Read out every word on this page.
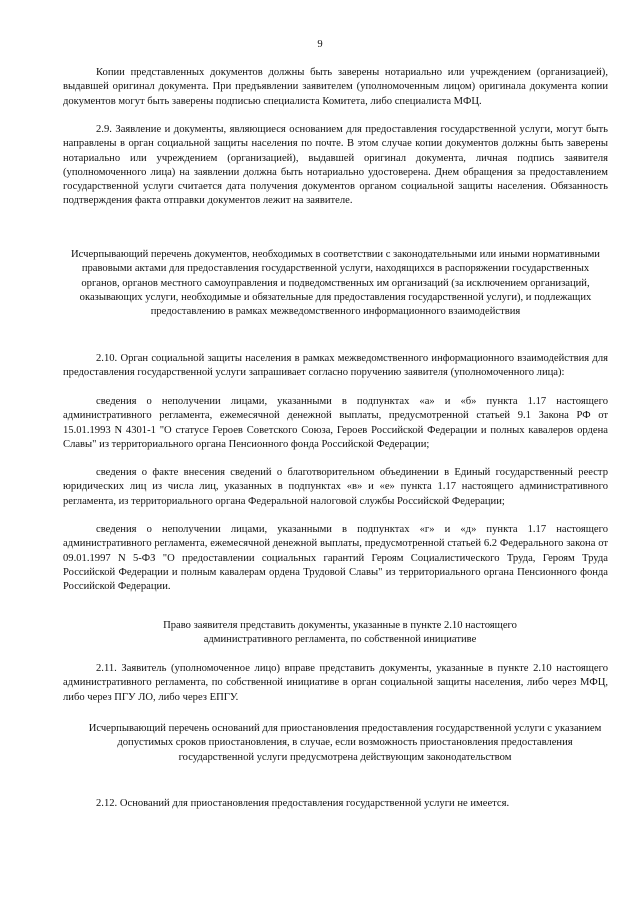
9

Копии представленных документов должны быть заверены нотариально или учреждением (организацией), выдавшей оригинал документа. При предъявлении заявителем (уполномоченным лицом) оригинала документа копии документов могут быть заверены подписью специалиста Комитета, либо специалиста МФЦ.

2.9. Заявление и документы, являющиеся основанием для предоставления государственной услуги, могут быть направлены в орган социальной защиты населения по почте. В этом случае копии документов должны быть заверены нотариально или учреждением (организацией), выдавшей оригинал документа, личная подпись заявителя (уполномоченного лица) на заявлении должна быть нотариально удостоверена. Днем обращения за предоставлением государственной услуги считается дата получения документов органом социальной защиты населения. Обязанность подтверждения факта отправки документов лежит на заявителе.

Исчерпывающий перечень документов, необходимых в соответствии с законодательными или иными нормативными правовыми актами для предоставления государственной услуги, находящихся в распоряжении государственных органов, органов местного самоуправления и подведомственных им организаций (за исключением организаций, оказывающих услуги, необходимые и обязательные для предоставления государственной услуги), и подлежащих предоставлению в рамках межведомственного информационного взаимодействия

2.10. Орган социальной защиты населения в рамках межведомственного информационного взаимодействия для предоставления государственной услуги запрашивает согласно поручению заявителя (уполномоченного лица):

сведения о неполучении лицами, указанными в подпунктах «а» и «б» пункта 1.17 настоящего административного регламента, ежемесячной денежной выплаты, предусмотренной статьей 9.1 Закона РФ от 15.01.1993 N 4301-1 "О статусе Героев Советского Союза, Героев Российской Федерации и полных кавалеров ордена Славы" из территориального органа Пенсионного фонда Российской Федерации;

сведения о факте внесения сведений о благотворительном объединении в Единый государственный реестр юридических лиц из числа лиц, указанных в подпунктах «в» и «е» пункта 1.17 настоящего административного регламента, из территориального органа Федеральной налоговой службы Российской Федерации;

сведения о неполучении лицами, указанными в подпунктах «г» и «д» пункта 1.17 настоящего административного регламента, ежемесячной денежной выплаты, предусмотренной статьей 6.2 Федерального закона от 09.01.1997 N 5-ФЗ "О предоставлении социальных гарантий Героям Социалистического Труда, Героям Труда Российской Федерации и полным кавалерам ордена Трудовой Славы" из территориального органа Пенсионного фонда Российской Федерации.

Право заявителя представить документы, указанные в пункте 2.10 настоящего административного регламента, по собственной инициативе

2.11. Заявитель (уполномоченное лицо) вправе представить документы, указанные в пункте 2.10 настоящего административного регламента, по собственной инициативе в орган социальной защиты населения, либо через МФЦ, либо через ПГУ ЛО, либо через ЕПГУ.

Исчерпывающий перечень оснований для приостановления предоставления государственной услуги с указанием допустимых сроков приостановления, в случае, если возможность приостановления предоставления государственной услуги предусмотрена действующим законодательством

2.12. Оснований для приостановления предоставления государственной услуги не имеется.
